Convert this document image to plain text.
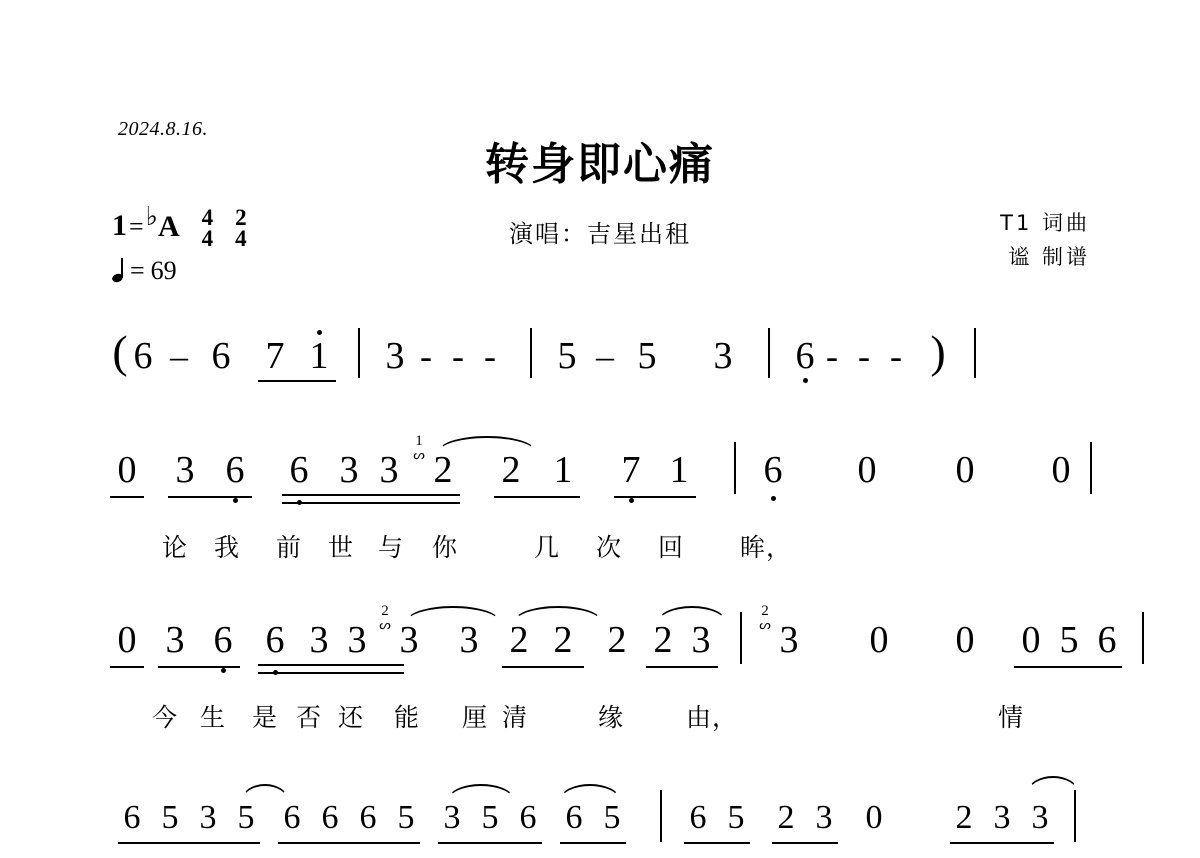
2024.8.16.
转身即心痛
演唱：吉星出租	T1 词曲
谧 制谱
1 = ♭ A 4
4
2
4
= 69
( 6 – 6 7 1 3 - - - 5 – 5 3 6 - - - )
0 3 6 6 3 3
1
ᔕ 2 2 1 7 1 6 0 0 0
论 我 前 世 与 你	几 次 回 眸，
0 3 6 6 3 3
2
ᔕ 3 3 2 2 2 2 3
2
ᔕ 3 0 0 0 5 6
今 生 是 否 还 能 厘 清	缘 由，	情
6 5 3 5 6 6 6 5 3 5 6 6 5 6 5 2 3 0 2 3 3
